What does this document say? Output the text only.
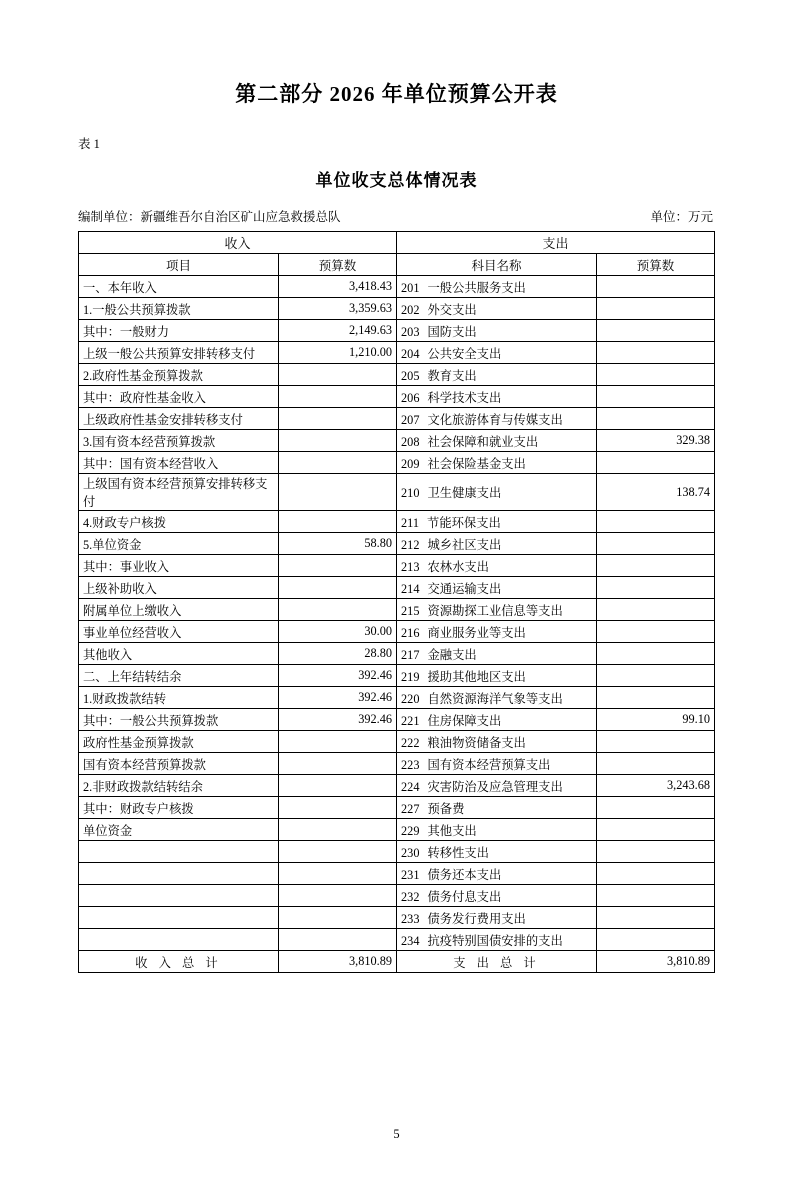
第二部分 2026 年单位预算公开表
表 1
单位收支总体情况表
编制单位：新疆维吾尔自治区矿山应急救援总队	单位：万元
收入		支出	
项目	预算数	科目名称	预算数
一、本年收入	3,418.43	201 一般公共服务支出	
1.一般公共预算拨款	3,359.63	202 外交支出	
其中：一般财力	2,149.63	203 国防支出	
上级一般公共预算安排转移支付	1,210.00	204 公共安全支出	
2.政府性基金预算拨款		205 教育支出	
其中：政府性基金收入		206 科学技术支出	
上级政府性基金安排转移支付		207 文化旅游体育与传媒支出	
3.国有资本经营预算拨款		208 社会保障和就业支出	329.38
其中：国有资本经营收入		209 社会保险基金支出	
上级国有资本经营预算安排转移支付		210 卫生健康支出	138.74
4.财政专户核拨		211 节能环保支出	
5.单位资金	58.80	212 城乡社区支出	
其中：事业收入		213 农林水支出	
上级补助收入		214 交通运输支出	
附属单位上缴收入		215 资源勘探工业信息等支出	
事业单位经营收入	30.00	216 商业服务业等支出	
其他收入	28.80	217 金融支出	
二、上年结转结余	392.46	219 援助其他地区支出	
1.财政拨款结转	392.46	220 自然资源海洋气象等支出	
其中：一般公共预算拨款	392.46	221 住房保障支出	99.10
政府性基金预算拨款		222 粮油物资储备支出	
国有资本经营预算拨款		223 国有资本经营预算支出	
2.非财政拨款结转结余		224 灾害防治及应急管理支出	3,243.68
其中：财政专户核拨		227 预备费	
单位资金		229 其他支出	
		230 转移性支出	
		231 债务还本支出	
		232 债务付息支出	
		233 债务发行费用支出	
		234 抗疫特别国债安排的支出	
收 入 总 计	3,810.89	支 出 总 计	3,810.89
5
